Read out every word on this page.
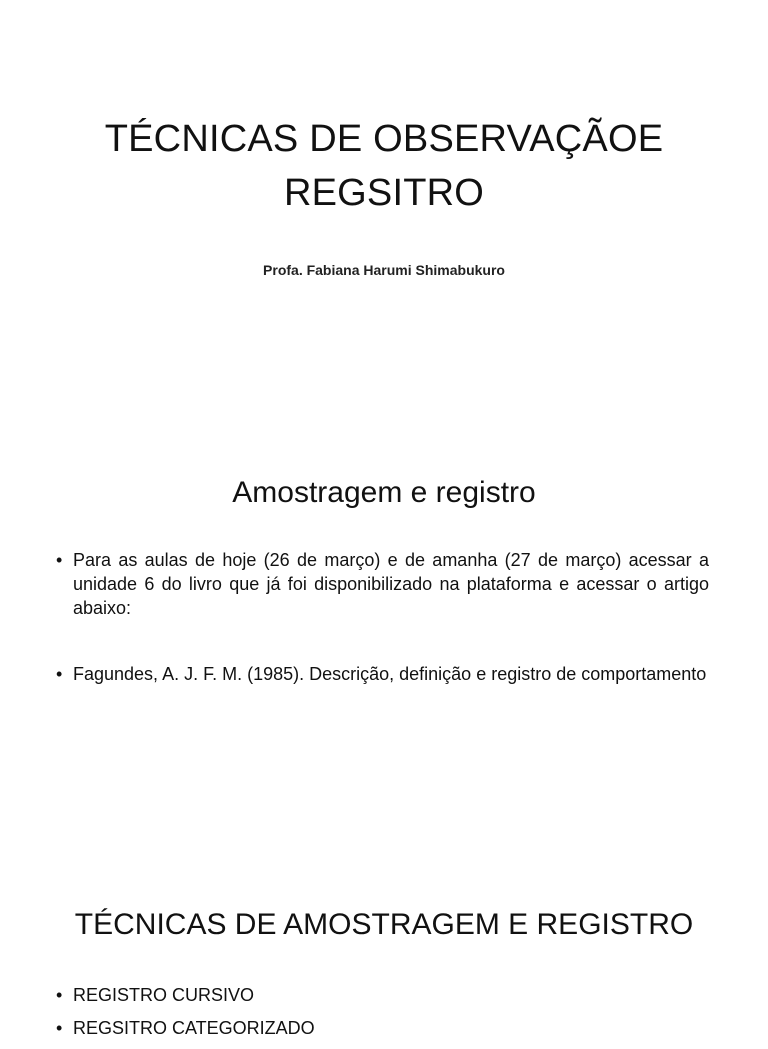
TÉCNICAS DE OBSERVAÇÃOE
REGSITRO
Profa. Fabiana Harumi Shimabukuro
Amostragem e registro
• Para as aulas de hoje (26 de março) e de amanha (27 de março) acessar a unidade 6 do livro que já foi disponibilizado na plataforma e acessar o artigo abaixo:
• Fagundes, A. J. F. M. (1985). Descrição, definição e registro de comportamento
TÉCNICAS DE AMOSTRAGEM E REGISTRO
• REGISTRO CURSIVO
• REGSITRO CATEGORIZADO
